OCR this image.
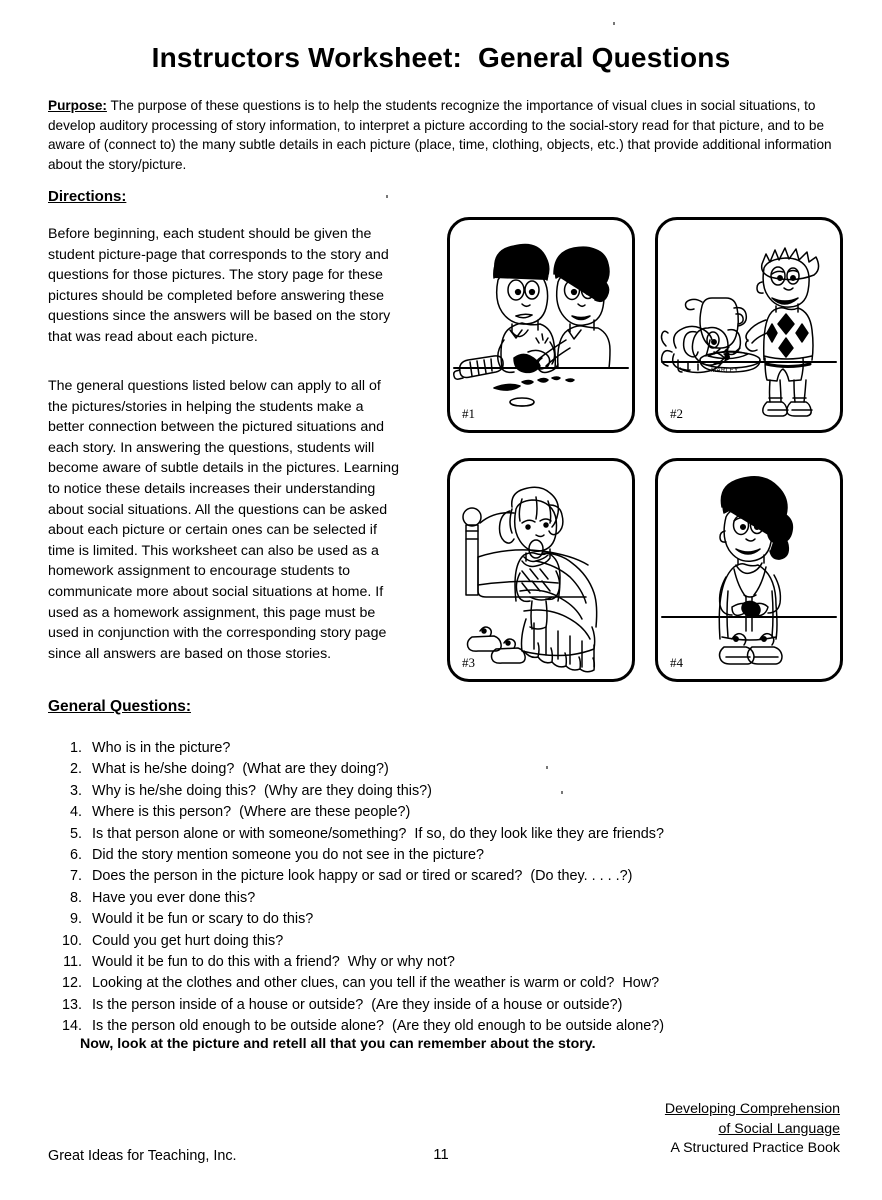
Instructors Worksheet:  General Questions
Purpose: The purpose of these questions is to help the students recognize the importance of visual clues in social situations, to develop auditory processing of story information, to interpret a picture according to the social-story read for that picture, and to be aware of (connect to) the many subtle details in each picture (place, time, clothing, objects, etc.) that provide additional information about the story/picture.
Directions:
Before beginning, each student should be given the student picture-page that corresponds to the story and questions for those pictures. The story page for these pictures should be completed before answering these questions since the answers will be based on the story that was read about each picture.
The general questions listed below can apply to all of the pictures/stories in helping the students make a better connection between the pictured situations and each story. In answering the questions, students will become aware of subtle details in the pictures. Learning to notice these details increases their understanding about social situations. All the questions can be asked about each picture or certain ones can be selected if time is limited. This worksheet can also be used as a homework assignment to encourage students to communicate more about social situations at home. If used as a homework assignment, this page must be used in conjunction with the corresponding story page since all answers are based on those stories.
#1
MARLEY
#2
#3	#4
General Questions:
1. Who is in the picture?
2. What is he/she doing?  (What are they doing?)
3. Why is he/she doing this?  (Why are they doing this?)
4. Where is this person?  (Where are these people?)
5. Is that person alone or with someone/something?  If so, do they look like they are friends?
6. Did the story mention someone you do not see in the picture?
7. Does the person in the picture look happy or sad or tired or scared?  (Do they. . . . .?)
8. Have you ever done this?
9. Would it be fun or scary to do this?
10. Could you get hurt doing this?
11. Would it be fun to do this with a friend?  Why or why not?
12. Looking at the clothes and other clues, can you tell if the weather is warm or cold?  How?
13. Is the person inside of a house or outside?  (Are they inside of a house or outside?)
14. Is the person old enough to be outside alone?  (Are they old enough to be outside alone?)
Now, look at the picture and retell all that you can remember about the story.
Great Ideas for Teaching, Inc.	11
Developing Comprehension
of Social Language
A Structured Practice Book
